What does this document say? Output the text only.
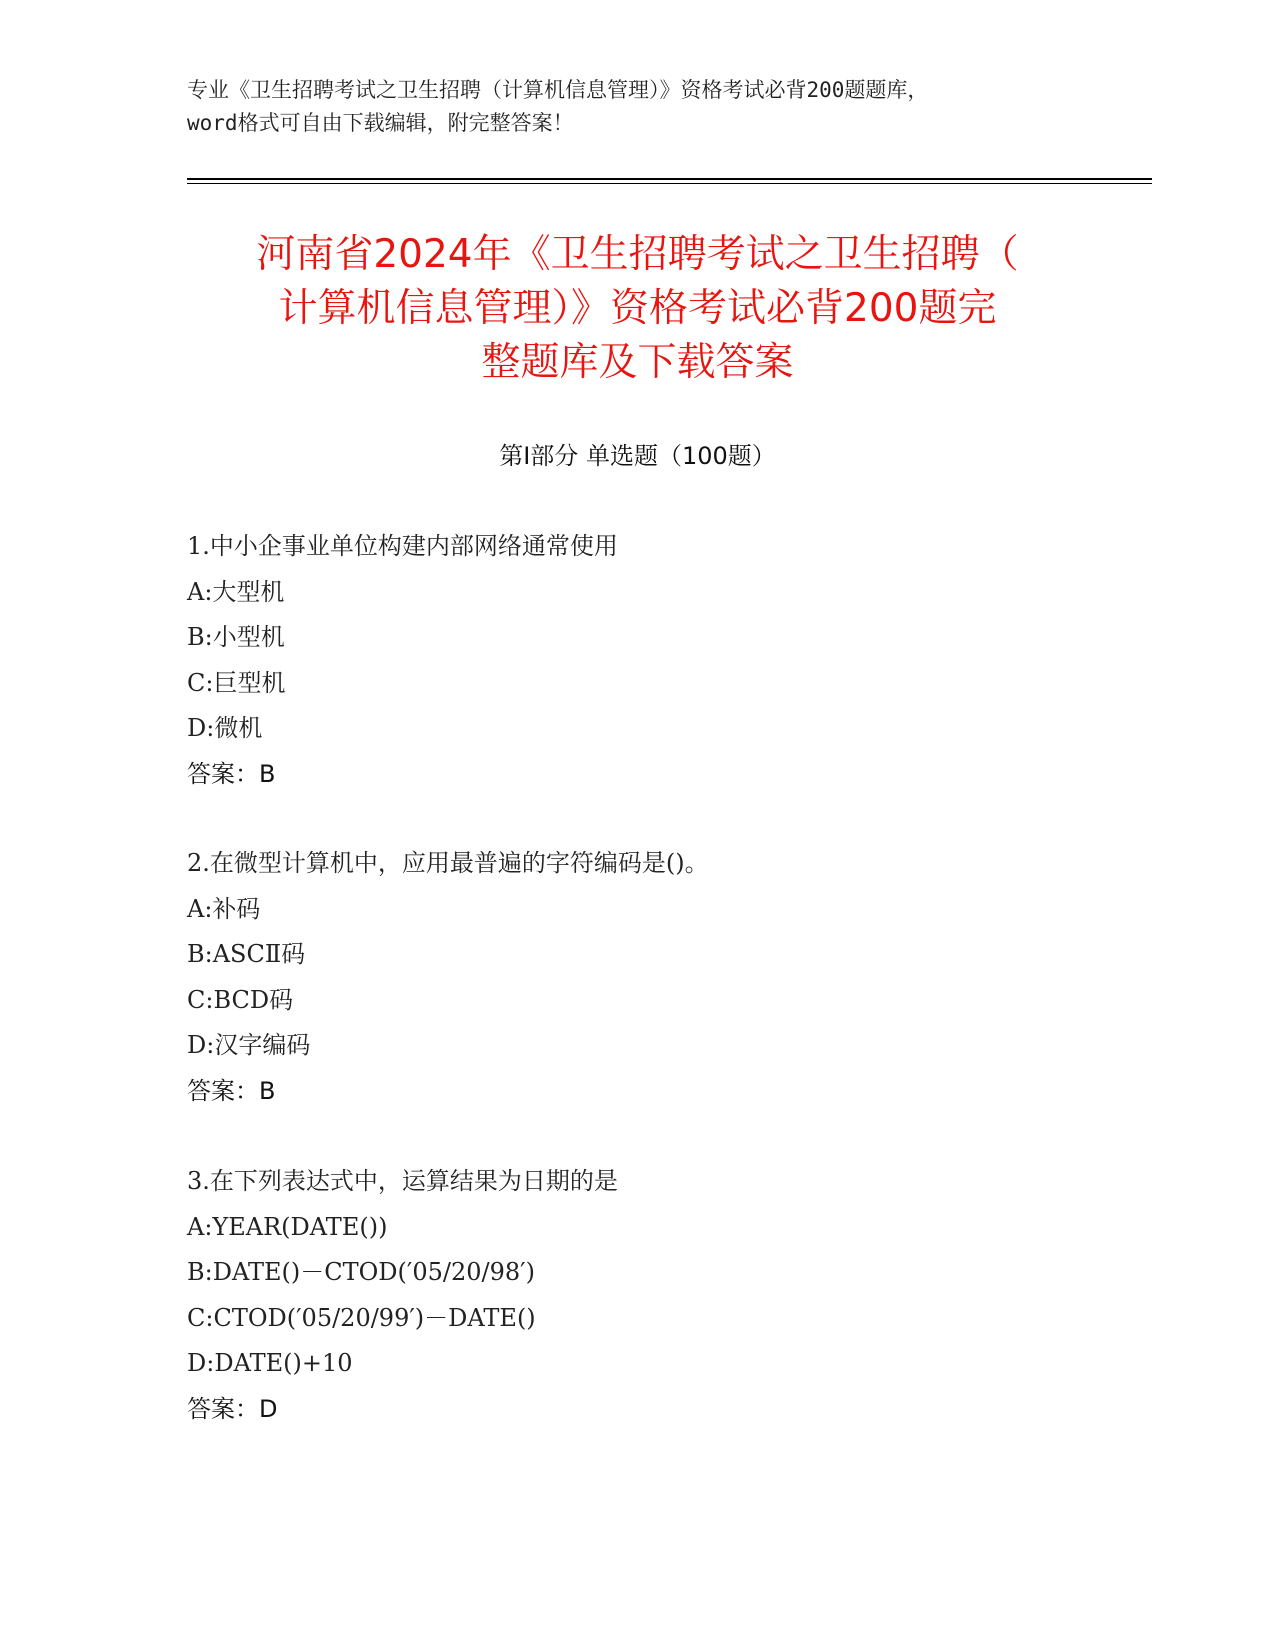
专业《卫生招聘考试之卫生招聘（计算机信息管理）》资格考试必背200题题库，
word格式可自由下载编辑，附完整答案！
河南省2024年《卫生招聘考试之卫生招聘（
计算机信息管理）》资格考试必背200题完
整题库及下载答案
第Ⅰ部分 单选题（100题）
1.中小企事业单位构建内部网络通常使用
A:大型机
B:小型机
C:巨型机
D:微机
答案：B
2.在微型计算机中，应用最普遍的字符编码是()。
A:补码
B:ASCⅡ码
C:BCD码
D:汉字编码
答案：B
3.在下列表达式中，运算结果为日期的是
A:YEAR(DATE())
B:DATE()－CTOD(′05/20/98′)
C:CTOD(′05/20/99′)－DATE()
D:DATE()+10
答案：D
